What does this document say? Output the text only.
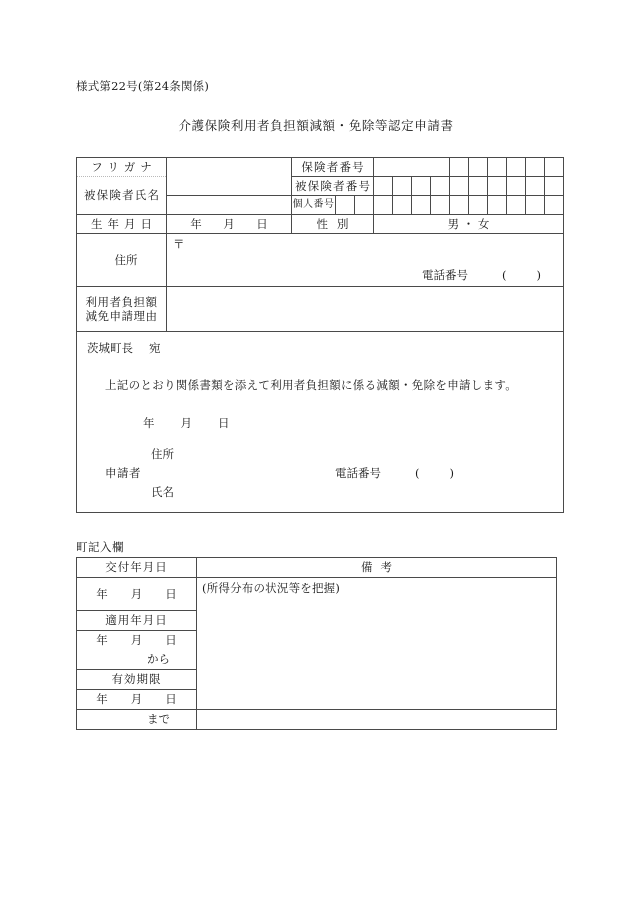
様式第22号(第24条関係)
介護保険利用者負担額減額・免除等認定申請書
フリガナ		保険者番号												
被保険者氏名		被保険者番号												
		個人番号												
生年月日	年　月　日	性別			男 ・ 女									
住所	〒
電話番号 ( )													

利用者負担額
減免申請理由														

茨城町長 宛
上記のとおり関係書類を添えて利用者負担額に係る減額・免除を申請します。
年 月 日
申請者
住所
氏名
電話番号	(	)
町記入欄
交付年月日	備考
年　　月　　日	(所得分布の状況等を把握)
適用年月日	
年　　月　　日	
から	
有効期限	
年　　月　　日	
まで	
